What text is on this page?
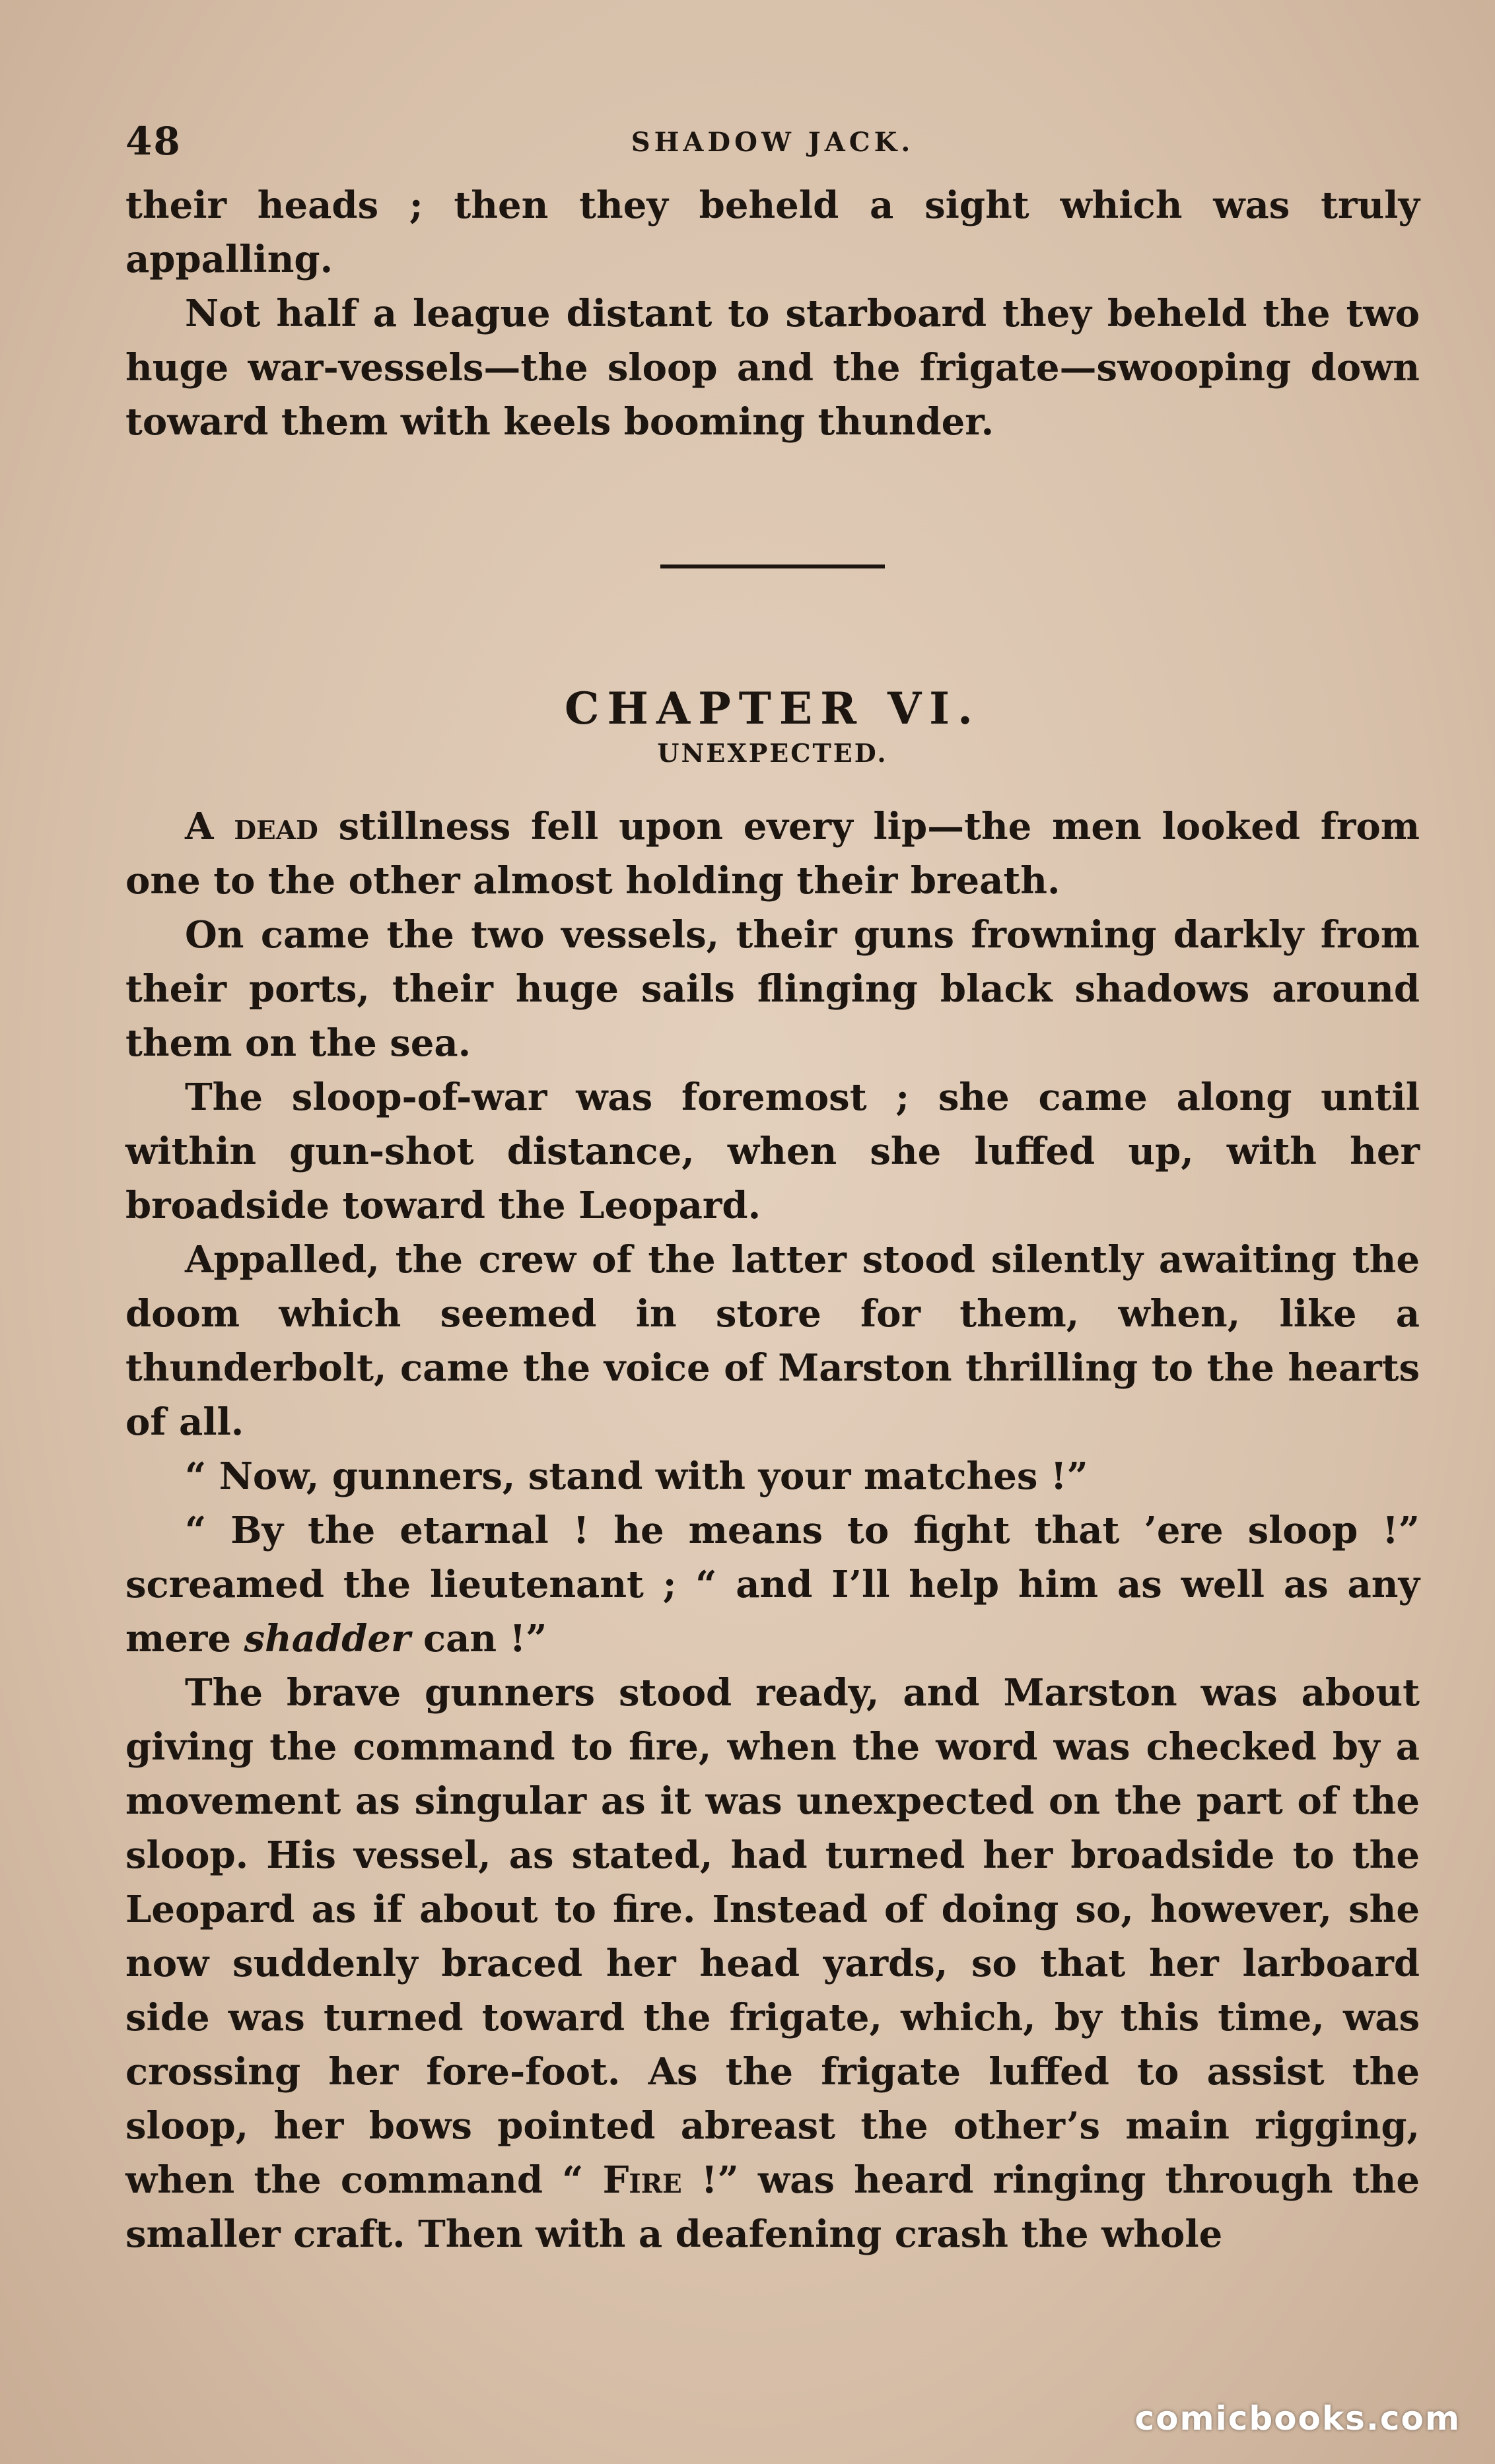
48	SHADOW JACK.

their heads ; then they beheld a sight which was truly appalling.

Not half a league distant to starboard they beheld the two huge war-vessels—the sloop and the frigate—swooping down toward them with keels booming thunder.

CHAPTER VI.
UNEXPECTED.

A dead stillness fell upon every lip—the men looked from one to the other almost holding their breath.

On came the two vessels, their guns frowning darkly from their ports, their huge sails flinging black shadows around them on the sea.

The sloop-of-war was foremost ; she came along until within gun-shot distance, when she luffed up, with her broadside toward the Leopard.

Appalled, the crew of the latter stood silently awaiting the doom which seemed in store for them, when, like a thunderbolt, came the voice of Marston thrilling to the hearts of all.

“ Now, gunners, stand with your matches !”

“ By the etarnal ! he means to fight that ’ere sloop !” screamed the lieutenant ; “ and I’ll help him as well as any mere shadder can !”

The brave gunners stood ready, and Marston was about giving the command to fire, when the word was checked by a movement as singular as it was unexpected on the part of the sloop. His vessel, as stated, had turned her broadside to the Leopard as if about to fire. Instead of doing so, however, she now suddenly braced her head yards, so that her larboard side was turned toward the frigate, which, by this time, was crossing her fore-foot. As the frigate luffed to assist the sloop, her bows pointed abreast the other’s main rigging, when the command “ Fire !” was heard ringing through the smaller craft. Then with a deafening crash the whole

comicbooks.com
